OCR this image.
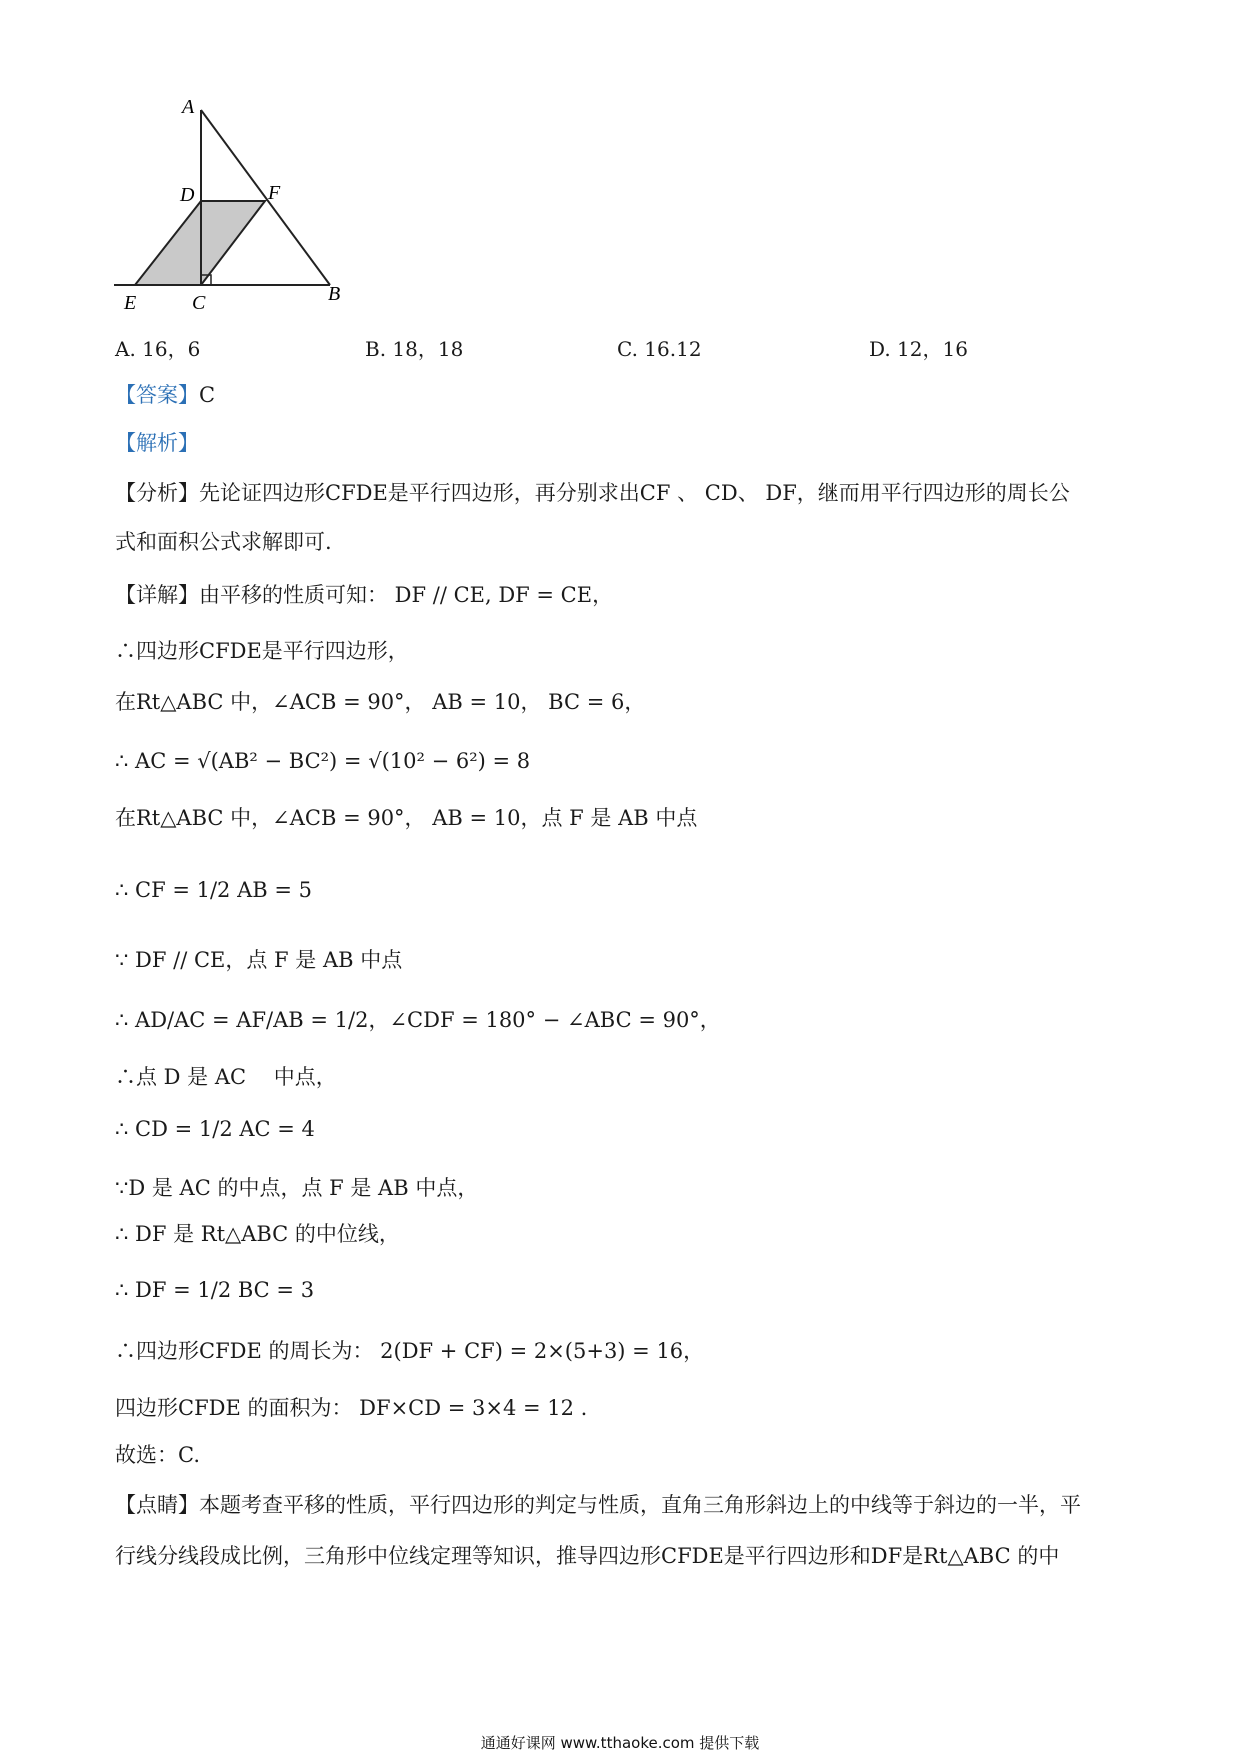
A
D	F
E	C	B
A. 16，6	B. 18，18	C. 16.12	D. 12，16
【答案】C
【解析】
【分析】先论证四边形CFDE是平行四边形，再分别求出CF 、 CD、 DF，继而用平行四边形的周长公
式和面积公式求解即可.
【详解】由平移的性质可知： DF // CE, DF = CE，
∴四边形CFDE是平行四边形，
在Rt△ABC 中，∠ACB = 90°， AB = 10， BC = 6，
∴ AC = √(AB² − BC²) = √(10² − 6²) = 8
在Rt△ABC 中，∠ACB = 90°， AB = 10，点 F 是 AB 中点
∴ CF = 1/2 AB = 5
∵ DF // CE，点 F 是 AB 中点
∴ AD/AC = AF/AB = 1/2，∠CDF = 180° − ∠ABC = 90°，
∴点 D 是 AC　 中点，
∴ CD = 1/2 AC = 4
∵D 是 AC 的中点，点 F 是 AB 中点，
∴ DF 是 Rt△ABC 的中位线，
∴ DF = 1/2 BC = 3
∴四边形CFDE 的周长为： 2(DF + CF) = 2×(5+3) = 16，
四边形CFDE 的面积为： DF×CD = 3×4 = 12 .
故选：C.
【点睛】本题考查平移的性质，平行四边形的判定与性质，直角三角形斜边上的中线等于斜边的一半，平
行线分线段成比例，三角形中位线定理等知识，推导四边形CFDE是平行四边形和DF是Rt△ABC 的中
通通好课网 www.tthaoke.com 提供下载
